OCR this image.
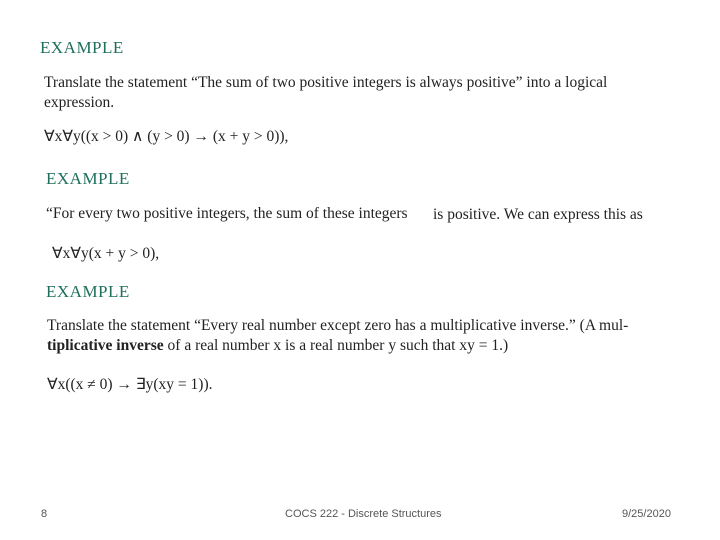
EXAMPLE
Translate the statement “The sum of two positive integers is always positive” into a logical
expression.
∀x∀y((x > 0) ∧ (y > 0) → (x + y > 0)),
EXAMPLE
“For every two positive integers, the sum of these integers is positive. We can express this as
∀x∀y(x + y > 0),
EXAMPLE
Translate the statement “Every real number except zero has a multiplicative inverse.” (A mul-
tiplicative inverse of a real number x is a real number y such that xy = 1.)
∀x((x ≠ 0) → ∃y(xy = 1)).
8	COCS 222 - Discrete Structures	9/25/2020
